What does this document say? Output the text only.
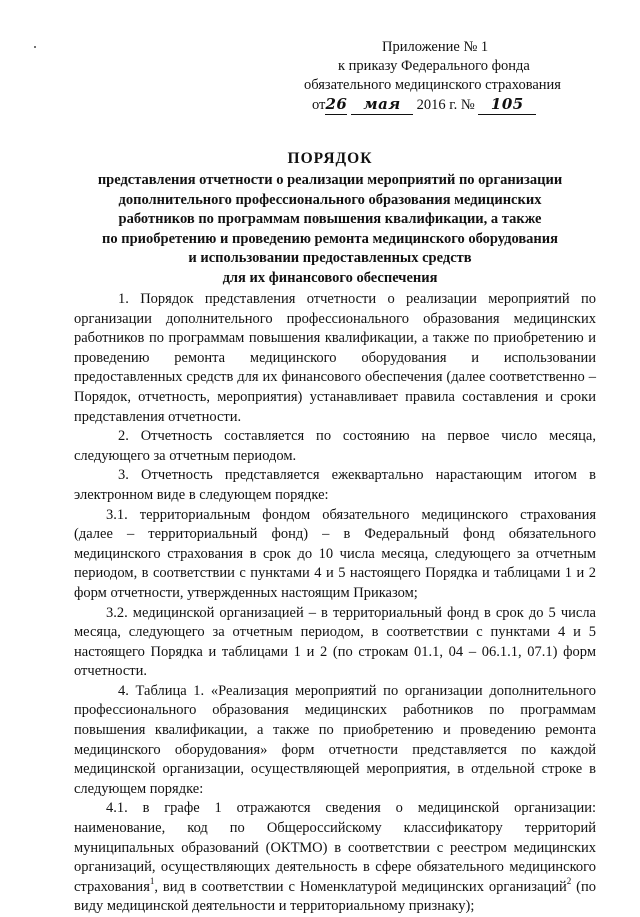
Приложение № 1
к приказу Федерального фонда
обязательного медицинского страхования
от26 мая 2016 г. № 105
ПОРЯДОК
представления отчетности о реализации мероприятий по организации
дополнительного профессионального образования медицинских
работников по программам повышения квалификации, а также
по приобретению и проведению ремонта медицинского оборудования
и использовании предоставленных средств
для их финансового обеспечения

1. Порядок представления отчетности о реализации мероприятий по организации дополнительного профессионального образования медицинских работников по программам повышения квалификации, а также по приобретению и проведению ремонта медицинского оборудования и использовании предоставленных средств для их финансового обеспечения (далее соответственно – Порядок, отчетность, мероприятия) устанавливает правила составления и сроки представления отчетности.

2. Отчетность составляется по состоянию на первое число месяца, следующего за отчетным периодом.

3. Отчетность представляется ежеквартально нарастающим итогом в электронном виде в следующем порядке:

3.1. территориальным фондом обязательного медицинского страхования (далее – территориальный фонд) – в Федеральный фонд обязательного медицинского страхования в срок до 10 числа месяца, следующего за отчетным периодом, в соответствии с пунктами 4 и 5 настоящего Порядка и таблицами 1 и 2 форм отчетности, утвержденных настоящим Приказом;

3.2. медицинской организацией – в территориальный фонд в срок до 5 числа месяца, следующего за отчетным периодом, в соответствии с пунктами 4 и 5 настоящего Порядка и таблицами 1 и 2 (по строкам 01.1, 04 – 06.1.1, 07.1) форм отчетности.

4. Таблица 1. «Реализация мероприятий по организации дополнительного профессионального образования медицинских работников по программам повышения квалификации, а также по приобретению и проведению ремонта медицинского оборудования» форм отчетности представляется по каждой медицинской организации, осуществляющей мероприятия, в отдельной строке в следующем порядке:

4.1. в графе 1 отражаются сведения о медицинской организации: наименование, код по Общероссийскому классификатору территорий муниципальных образований (ОКТМО) в соответствии с реестром медицинских организаций, осуществляющих деятельность в сфере обязательного медицинского страхования$^1$, вид в соответствии с Номенклатурой медицинских организаций$^2$ (по виду медицинской деятельности и территориальному признаку);
